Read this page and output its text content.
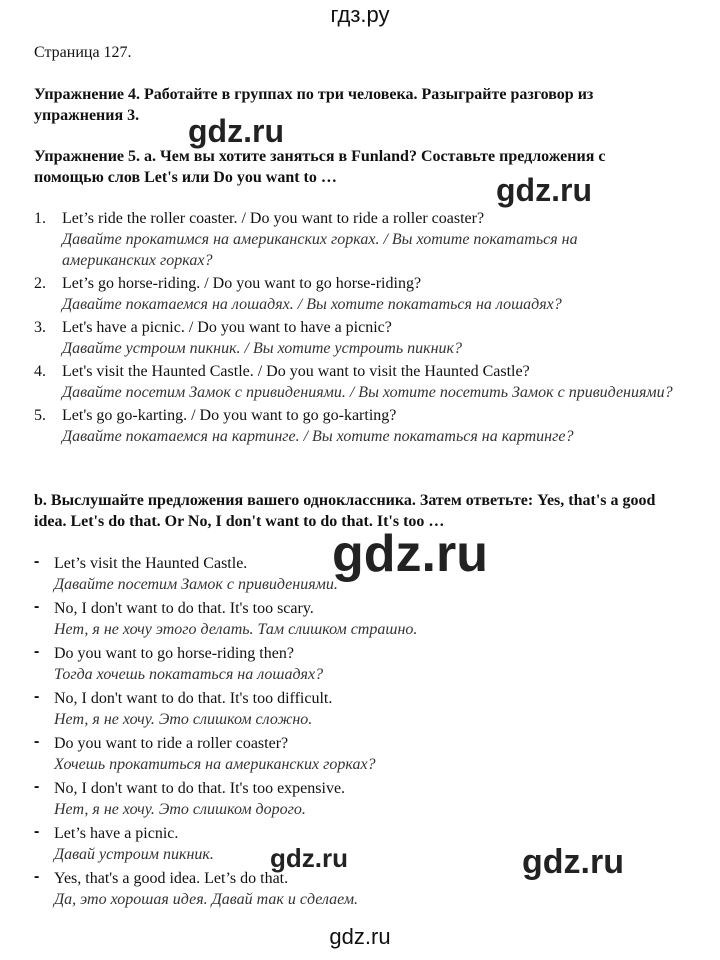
гдз.ру
Страница 127.
Упражнение 4. Работайте в группах по три человека. Разыграйте разговор из упражнения 3.
Упражнение 5. a. Чем вы хотите заняться в Funland? Составьте предложения с помощью слов Let's или Do you want to …
1. Let’s ride the roller coaster. / Do you want to ride a roller coaster?
Давайте прокатимся на американских горках. / Вы хотите покататься на американских горках?
2. Let’s go horse-riding. / Do you want to go horse-riding?
Давайте покатаемся на лошадях. / Вы хотите покататься на лошадях?
3. Let's have a picnic. / Do you want to have a picnic?
Давайте устроим пикник. / Вы хотите устроить пикник?
4. Let's visit the Haunted Castle. / Do you want to visit the Haunted Castle?
Давайте посетим Замок с привидениями. / Вы хотите посетить Замок с привидениями?
5. Let's go go-karting. / Do you want to go go-karting?
Давайте покатаемся на картинге. / Вы хотите покататься на картинге?
b. Выслушайте предложения вашего одноклассника. Затем ответьте: Yes, that's a good idea. Let's do that. Or No, I don't want to do that. It's too …
- Let’s visit the Haunted Castle.
Давайте посетим Замок с привидениями.
- No, I don't want to do that. It's too scary.
Нет, я не хочу этого делать. Там слишком страшно.
- Do you want to go horse-riding then?
Тогда хочешь покататься на лошадях?
- No, I don't want to do that. It's too difficult.
Нет, я не хочу. Это слишком сложно.
- Do you want to ride a roller coaster?
Хочешь прокатиться на американских горках?
- No, I don't want to do that. It's too expensive.
Нет, я не хочу. Это слишком дорого.
- Let’s have a picnic.
Давай устроим пикник.
- Yes, that's a good idea. Let’s do that.
Да, это хорошая идея. Давай так и сделаем.
gdz.ru
gdz.ru
gdz.ru
gdz.ru	gdz.ru
gdz.ru
